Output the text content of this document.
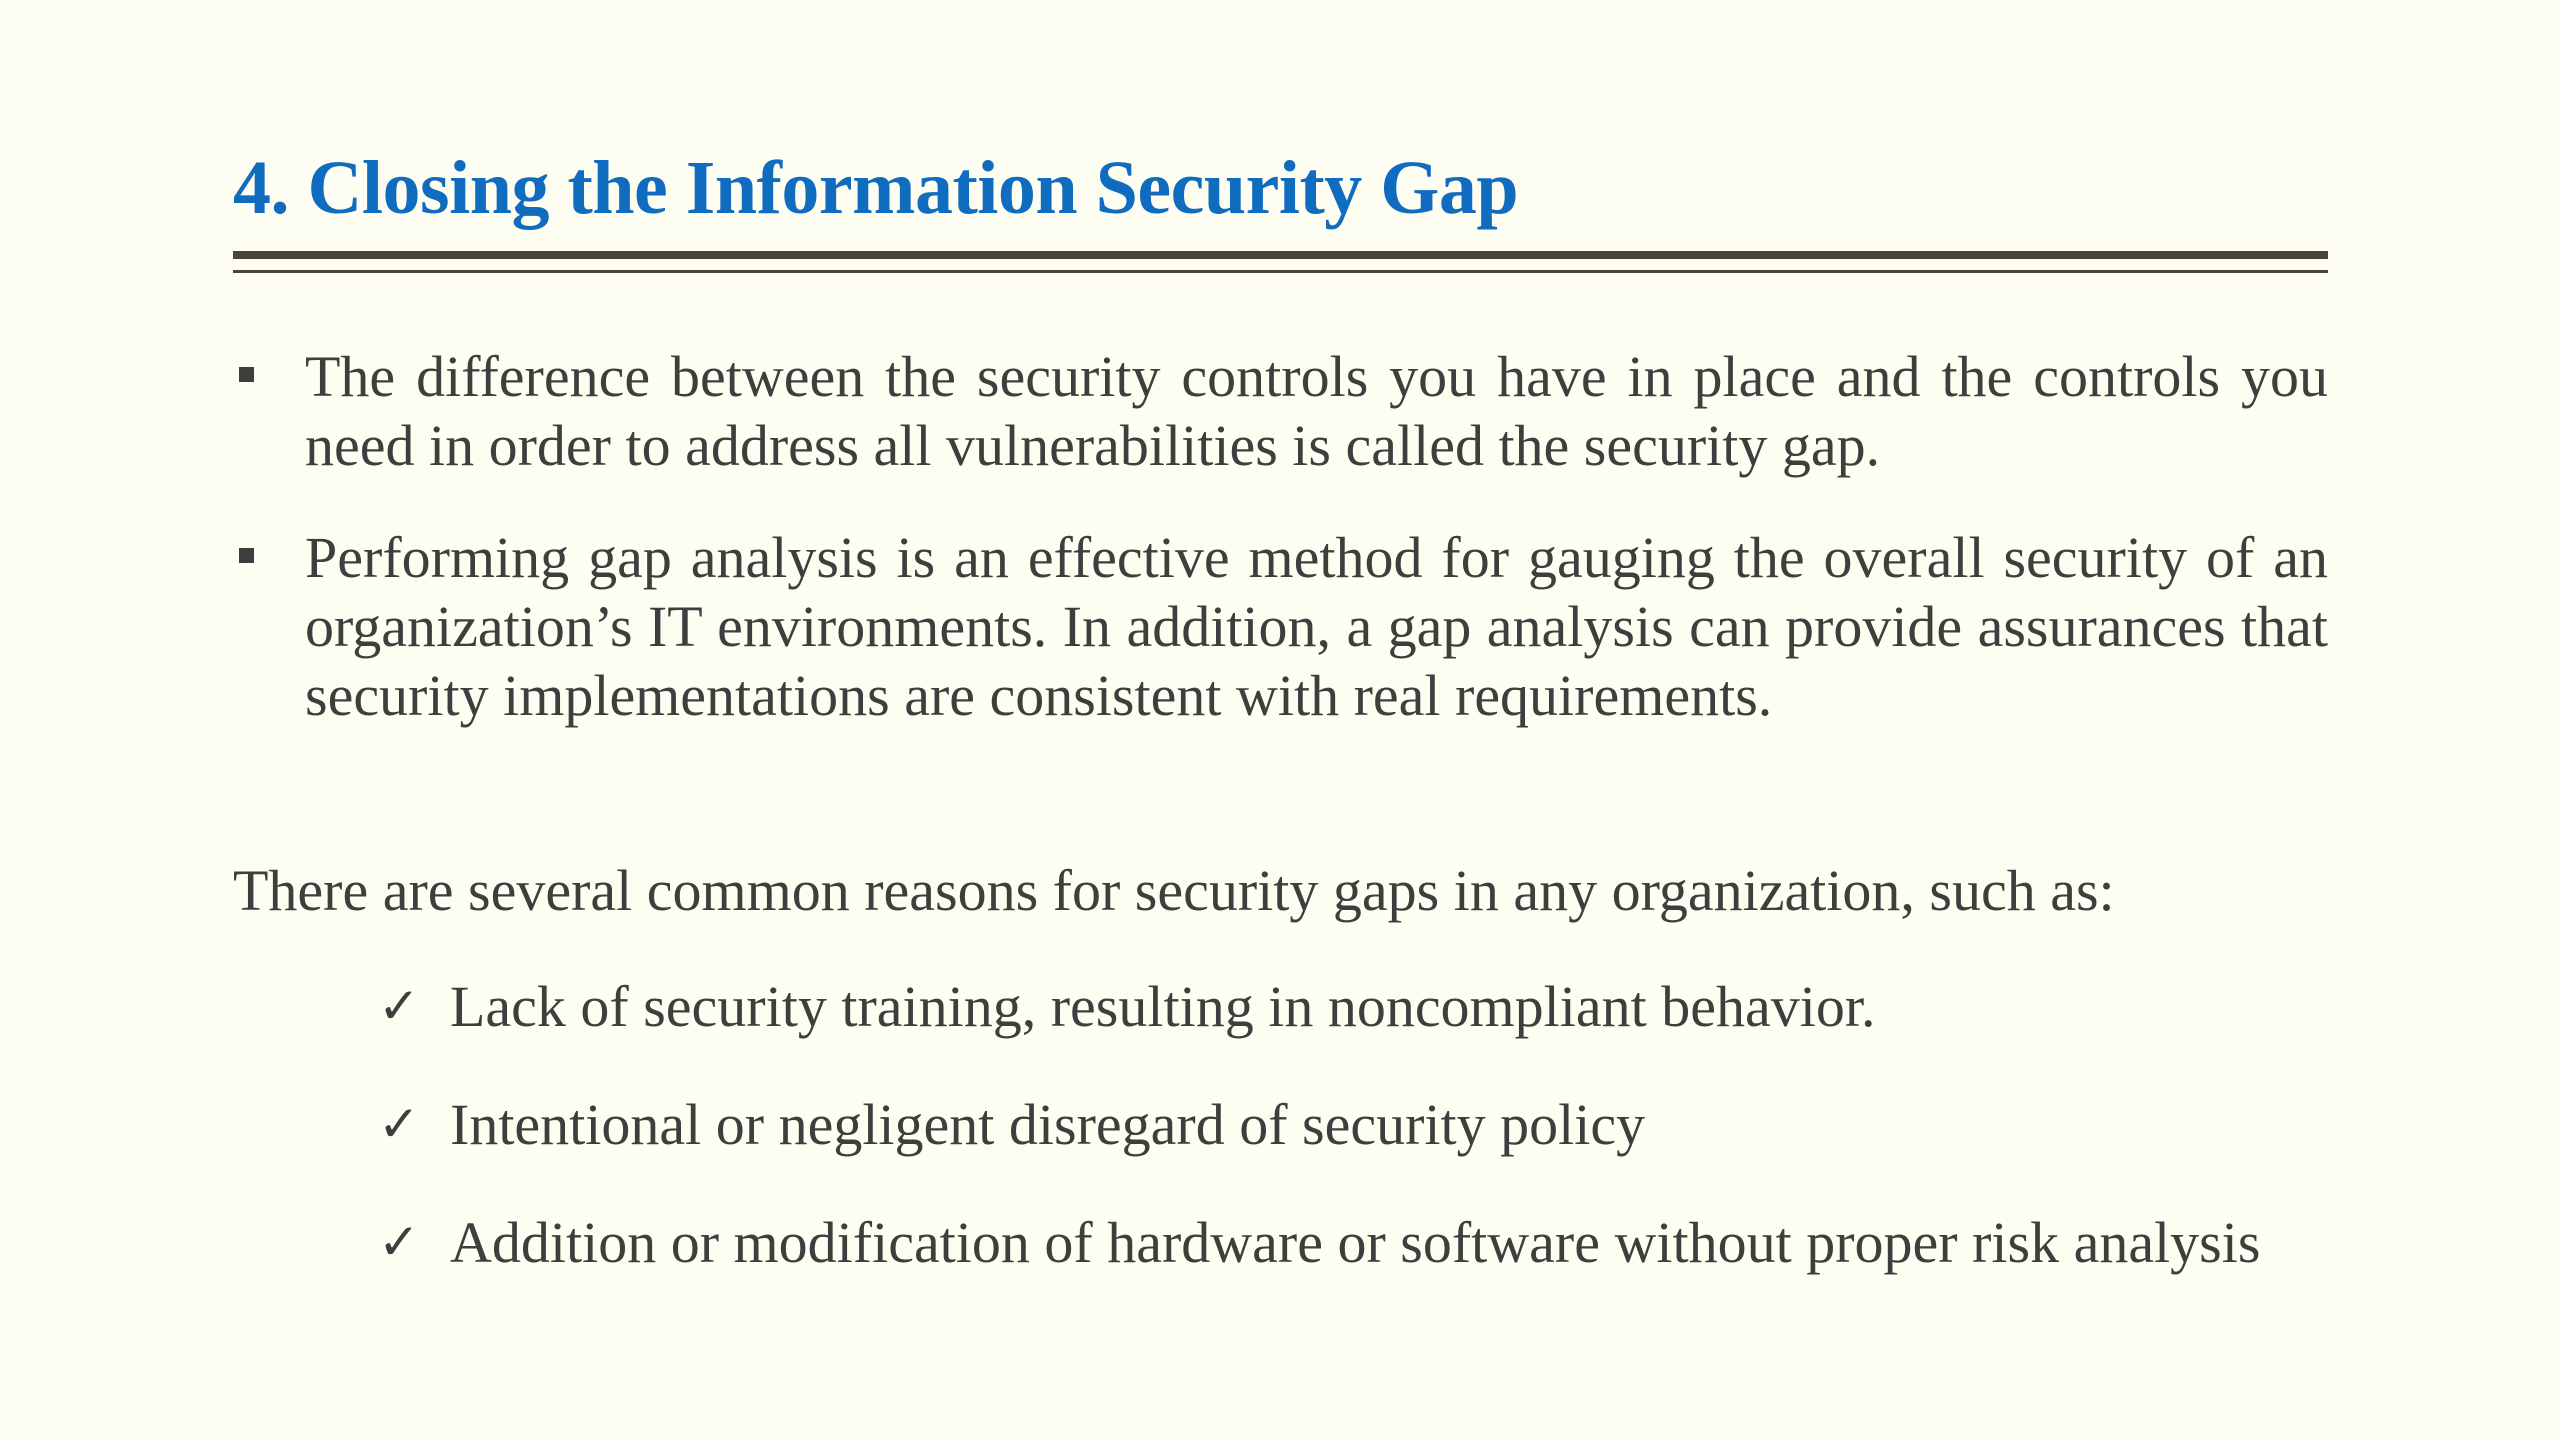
4. Closing the Information Security Gap
The difference between the security controls you have in place and the controls you need in order to address all vulnerabilities is called the security gap.
Performing gap analysis is an effective method for gauging the overall security of an organization’s IT environments. In addition, a gap analysis can provide assurances that security implementations are consistent with real requirements.

There are several common reasons for security gaps in any organization, such as:

✓ Lack of security training, resulting in noncompliant behavior.
✓ Intentional or negligent disregard of security policy
✓ Addition or modification of hardware or software without proper risk analysis
